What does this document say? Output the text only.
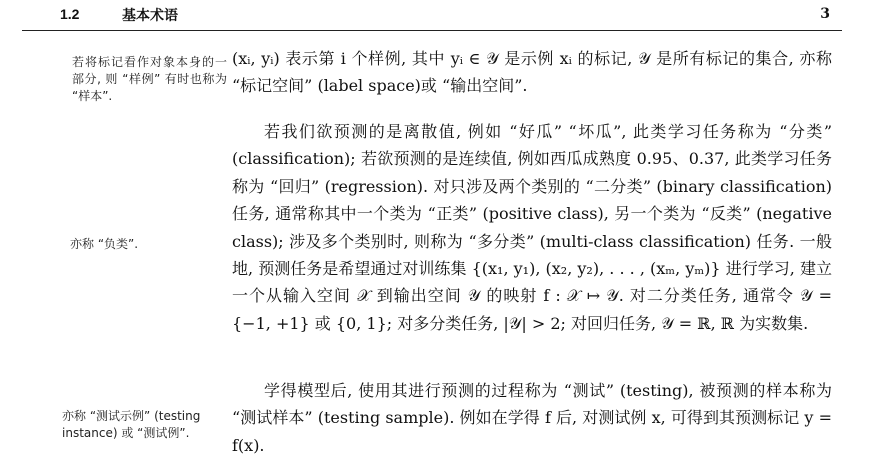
1.2	基本术语	3
若将标记看作对象本身的一部分, 则 “样例” 有时也称为 “样本”.
亦称 “负类”.
亦称 “测试示例” (testing instance) 或 “测试例”.
(xᵢ, yᵢ) 表示第 i 个样例, 其中 yᵢ ∈ 𝒴 是示例 xᵢ 的标记, 𝒴 是所有标记的集合, 亦称 “标记空间” (label space)或 “输出空间”.
若我们欲预测的是离散值, 例如 “好瓜” “坏瓜”, 此类学习任务称为 “分类” (classification); 若欲预测的是连续值, 例如西瓜成熟度 0.95、0.37, 此类学习任务称为 “回归” (regression). 对只涉及两个类别的 “二分类” (binary classification)任务, 通常称其中一个类为 “正类” (positive class), 另一个类为 “反类” (negative class); 涉及多个类别时, 则称为 “多分类” (multi-class classification) 任务. 一般地, 预测任务是希望通过对训练集 {(x₁, y₁), (x₂, y₂), . . . , (xₘ, yₘ)} 进行学习, 建立一个从输入空间 𝒳 到输出空间 𝒴 的映射 f : 𝒳 ↦ 𝒴. 对二分类任务, 通常令 𝒴 = {−1, +1} 或 {0, 1}; 对多分类任务, |𝒴| > 2; 对回归任务, 𝒴 = ℝ, ℝ 为实数集.
学得模型后, 使用其进行预测的过程称为 “测试” (testing), 被预测的样本称为 “测试样本” (testing sample). 例如在学得 f 后, 对测试例 x, 可得到其预测标记 y = f(x).
